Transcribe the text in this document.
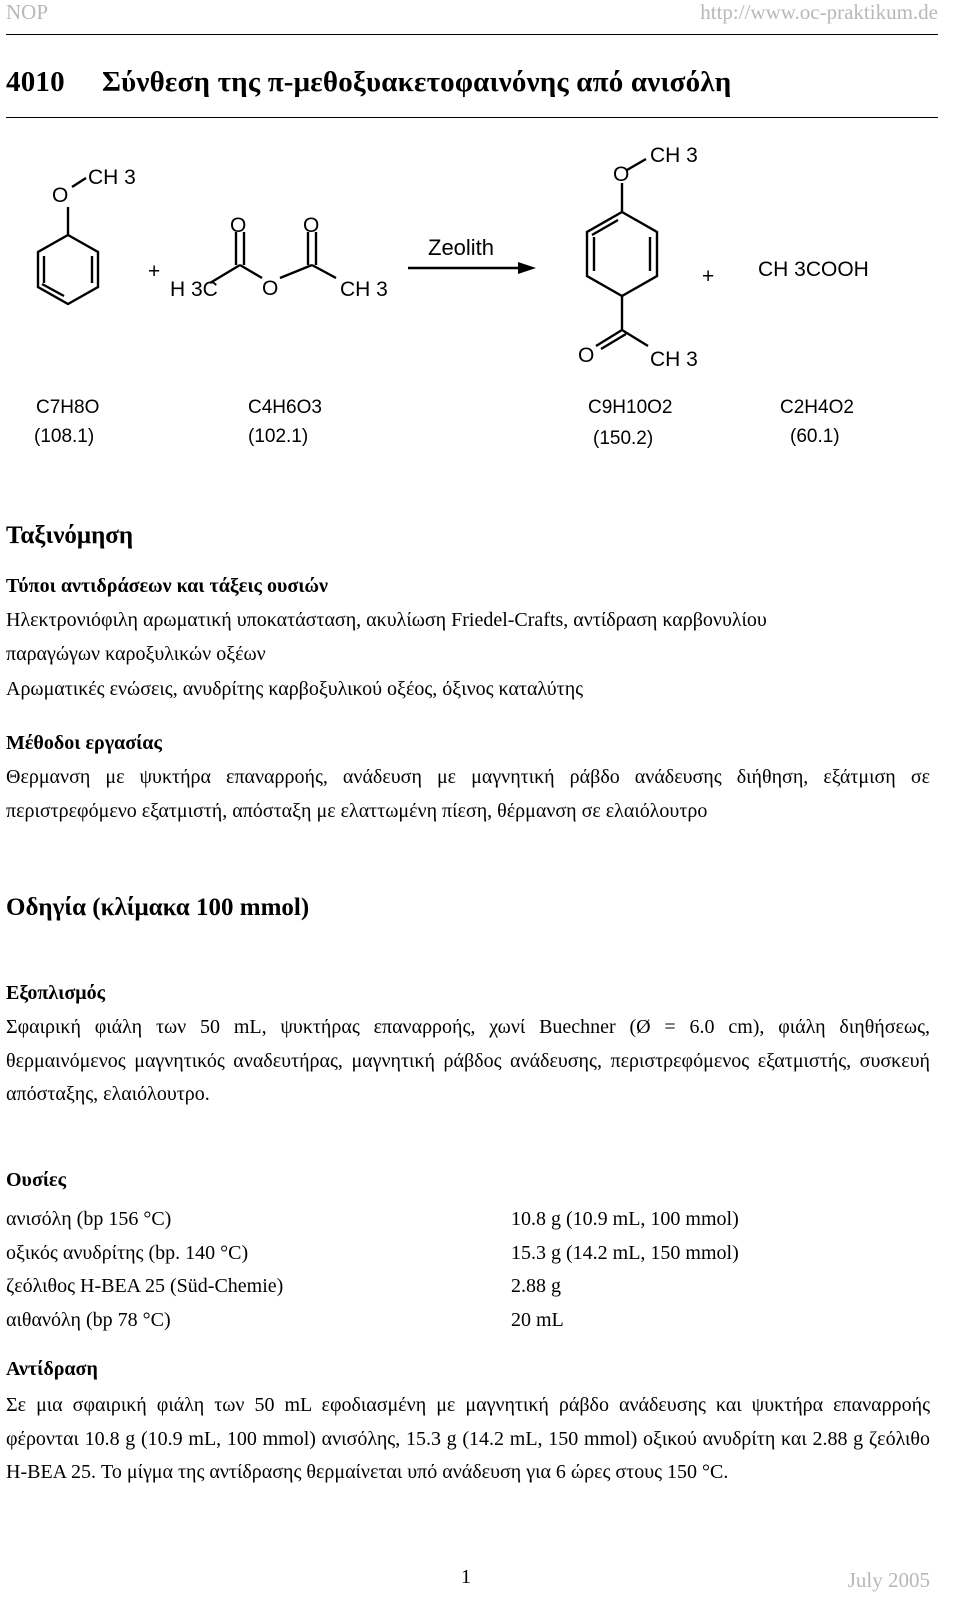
NOP	http://www.oc-praktikum.de
4010 Σύνθεση της π-μεθοξυακετοφαινόνης από ανισόλη
+	+
Zeolith
O
CH 3
O	O
O
H 3C	CH 3
O
CH 3
O	CH 3
CH 3COOH
C7H8O
(108.1)
C4H6O3
(102.1)
C9H10O2
(150.2)
C2H4O2
(60.1)
Ταξινόμηση
Τύποι αντιδράσεων και τάξεις ουσιών
Ηλεκτρονιόφιλη αρωματική υποκατάσταση, ακυλίωση Friedel-Crafts, αντίδραση καρβονυλίου παραγώγων καροξυλικών οξέων
Αρωματικές ενώσεις, ανυδρίτης καρβοξυλικού οξέος, όξινος καταλύτης
Μέθοδοι εργασίας
Θερμανση με ψυκτήρα επαναρροής, ανάδευση με μαγνητική ράβδο ανάδευσης διήθηση, εξάτμιση σε περιστρεφόμενο εξατμιστή, απόσταξη με ελαττωμένη πίεση, θέρμανση σε ελαιόλουτρο
Οδηγία (κλίμακα 100 mmol)
Εξοπλισμός
Σφαιρική φιάλη των 50 mL, ψυκτήρας επαναρροής, χωνί Buechner (Ø = 6.0 cm), φιάλη διηθήσεως, θερμαινόμενος μαγνητικός αναδευτήρας, μαγνητική ράβδος ανάδευσης, περιστρεφόμενος εξατμιστής, συσκευή απόσταξης, ελαιόλουτρο.
Ουσίες
ανισόλη (bp 156 °C)	10.8 g (10.9 mL, 100 mmol)
οξικός ανυδρίτης (bp. 140 °C)	15.3 g (14.2 mL, 150 mmol)
ζεόλιθος H-BEA 25 (Süd-Chemie)	2.88 g
αιθανόλη (bp 78 °C)	20 mL
Αντίδραση
Σε μια σφαιρική φιάλη των 50 mL εφοδιασμένη με μαγνητική ράβδο ανάδευσης και ψυκτήρα επαναρροής φέρονται 10.8 g (10.9 mL, 100 mmol) ανισόλης, 15.3 g (14.2 mL, 150 mmol) οξικού ανυδρίτη και 2.88 g ζεόλιθο H-BEA 25. Το μίγμα της αντίδρασης θερμαίνεται υπό ανάδευση για 6 ώρες στους 150 °C.
1	July 2005
